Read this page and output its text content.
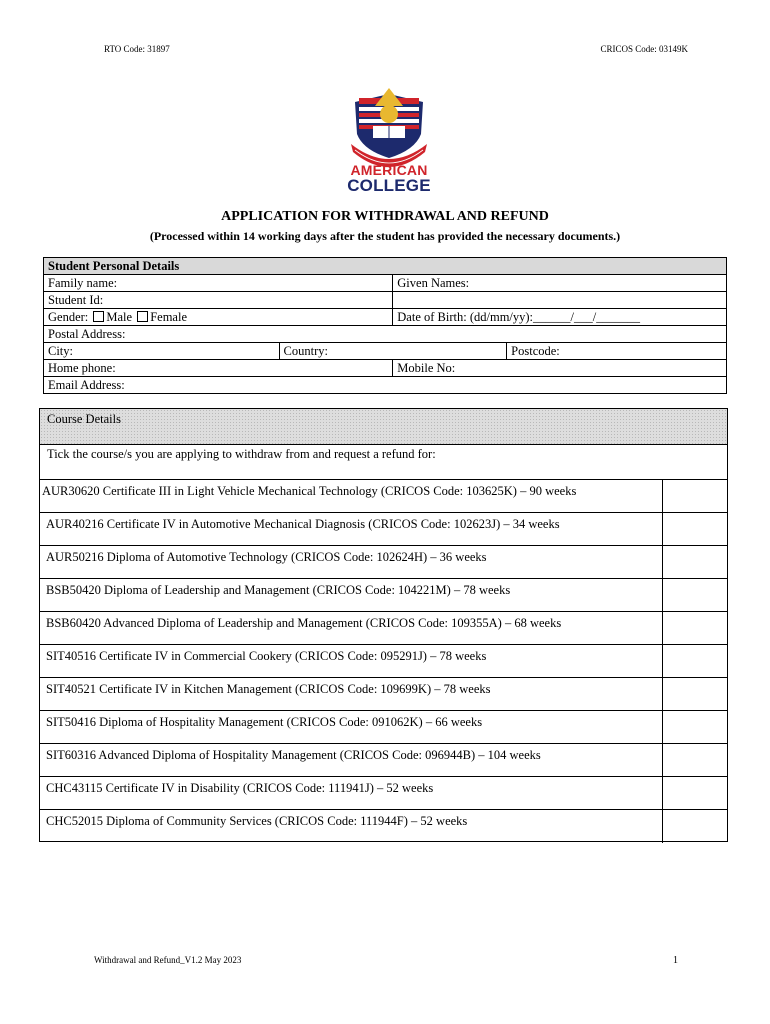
RTO Code: 31897	CRICOS Code: 03149K
AMERICAN
COLLEGE
APPLICATION FOR WITHDRAWAL AND REFUND
(Processed within 14 working days after the student has provided the necessary documents.)
Student Personal Details			
Family name:		Given Names:	
Student Id:			
Gender: Male Female		Date of Birth: (dd/mm/yy):______/___/_______	
Postal Address:			
City:	Country:		Postcode:
Home phone:		Mobile No:	
Email Address:			
Course Details
Tick the course/s you are applying to withdraw from and request a refund for:
AUR30620 Certificate III in Light Vehicle Mechanical Technology (CRICOS Code: 103625K) – 90 weeks
AUR40216 Certificate IV in Automotive Mechanical Diagnosis (CRICOS Code: 102623J) – 34 weeks
AUR50216 Diploma of Automotive Technology (CRICOS Code: 102624H) – 36 weeks
BSB50420 Diploma of Leadership and Management (CRICOS Code: 104221M) – 78 weeks
BSB60420 Advanced Diploma of Leadership and Management (CRICOS Code: 109355A) – 68 weeks
SIT40516 Certificate IV in Commercial Cookery (CRICOS Code: 095291J) – 78 weeks
SIT40521 Certificate IV in Kitchen Management (CRICOS Code: 109699K) – 78 weeks
SIT50416 Diploma of Hospitality Management (CRICOS Code: 091062K) – 66 weeks
SIT60316 Advanced Diploma of Hospitality Management (CRICOS Code: 096944B) – 104 weeks
CHC43115 Certificate IV in Disability (CRICOS Code: 111941J) – 52 weeks
CHC52015 Diploma of Community Services (CRICOS Code: 111944F) – 52 weeks
Withdrawal and Refund_V1.2 May 2023	1
